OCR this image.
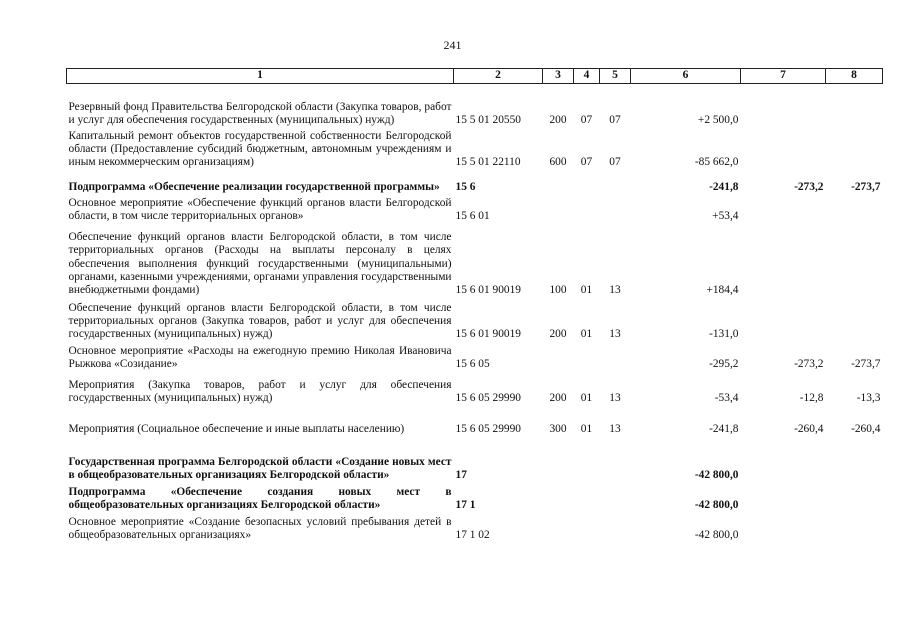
241
1	2	3	4	5	6	7	8
Резервный фонд Правительства Белгородской области (Закупка товаров, работ и услуг для обеспечения государственных (муниципальных) нужд)	15 5 01 20550	200	07	07	+2 500,0		
Капитальный ремонт объектов государственной собственности Белгородской области (Предоставление субсидий бюджетным, автономным учреждениям и иным некоммерческим организациям)	15 5 01 22110	600	07	07	-85 662,0		
Подпрограмма «Обеспечение реализации государственной программы»	15 6				-241,8	-273,2	-273,7
Основное мероприятие «Обеспечение функций органов власти Белгородской области, в том числе территориальных органов»	15 6 01				+53,4		
Обеспечение функций органов власти Белгородской области, в том числе территориальных органов (Расходы на выплаты персоналу в целях обеспечения выполнения функций государственными (муниципальными) органами, казенными учреждениями, органами управления государственными внебюджетными фондами)	15 6 01 90019	100	01	13	+184,4		
Обеспечение функций органов власти Белгородской области, в том числе территориальных органов (Закупка товаров, работ и услуг для обеспечения государственных (муниципальных) нужд)	15 6 01 90019	200	01	13	-131,0		
Основное мероприятие «Расходы на ежегодную премию Николая Ивановича Рыжкова «Созидание»	15 6 05				-295,2	-273,2	-273,7
Мероприятия (Закупка товаров, работ и услуг для обеспечения государственных (муниципальных) нужд)	15 6 05 29990	200	01	13	-53,4	-12,8	-13,3
Мероприятия (Социальное обеспечение и иные выплаты населению)	15 6 05 29990	300	01	13	-241,8	-260,4	-260,4
Государственная программа Белгородской области «Создание новых мест в общеобразовательных организациях Белгородской области»	17				-42 800,0		
Подпрограмма «Обеспечение создания новых мест в общеобразовательных организациях Белгородской области»	17 1				-42 800,0		
Основное мероприятие «Создание безопасных условий пребывания детей в общеобразовательных организациях»	17 1 02				-42 800,0		
